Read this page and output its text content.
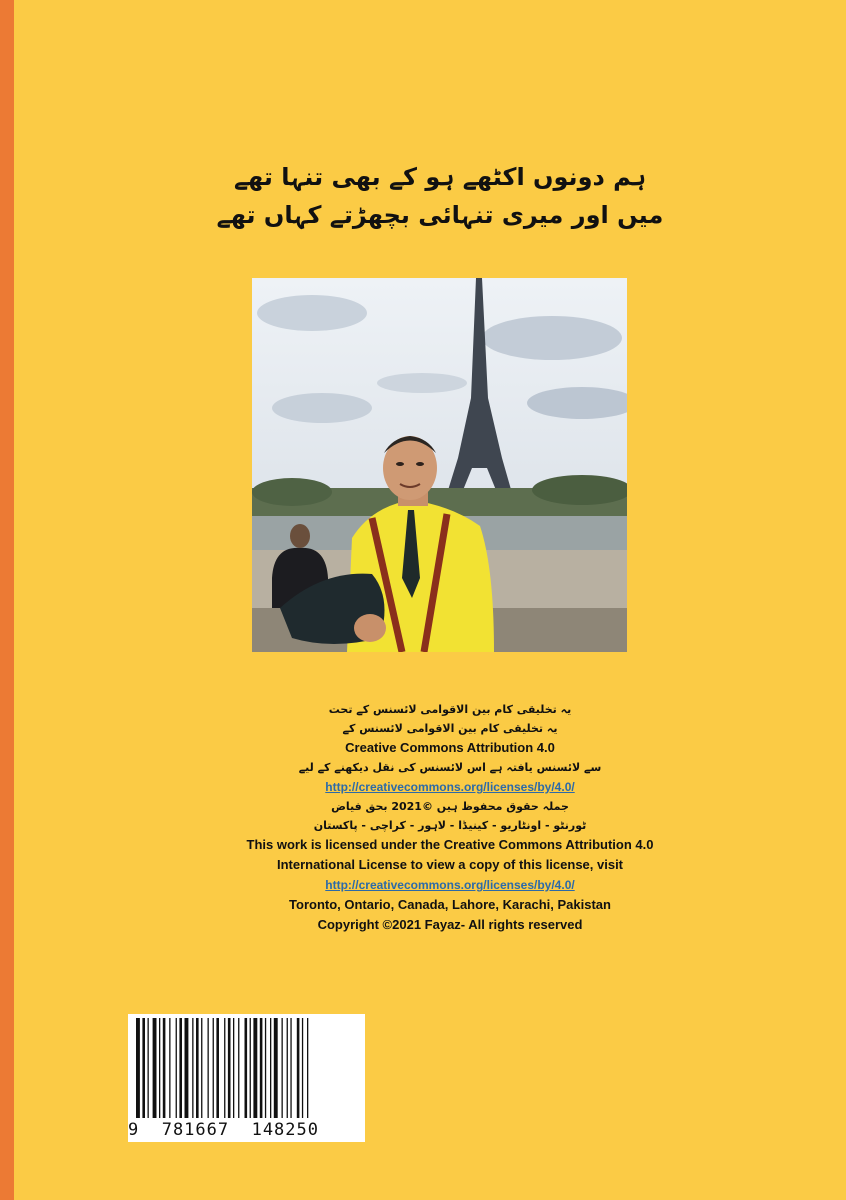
ہم دونوں اکٹھے ہو کے بھی تنہا تھے
میں اور میری تنہائی بچھڑتے کہاں تھے
یہ تخلیقی کام بین الاقوامی لائسنس کے تحت
یہ تخلیقی کام بین الاقوامی لائسنس کے
Creative Commons Attribution 4.0
سے لائسنس یافتہ ہے اس لائسنس کی نقل دیکھنے کے لیے
http://creativecommons.org/licenses/by/4.0/
جملہ حقوق محفوظ ہیں ©2021 بحق فیاض
ٹورنٹو - اونٹاریو - کینیڈا - لاہور - کراچی - پاکستان
This work is licensed under the Creative Commons Attribution 4.0
International License to view a copy of this license, visit
http://creativecommons.org/licenses/by/4.0/
Toronto, Ontario, Canada, Lahore, Karachi, Pakistan
Copyright ©2021 Fayaz- All rights reserved
9  781667  148250
